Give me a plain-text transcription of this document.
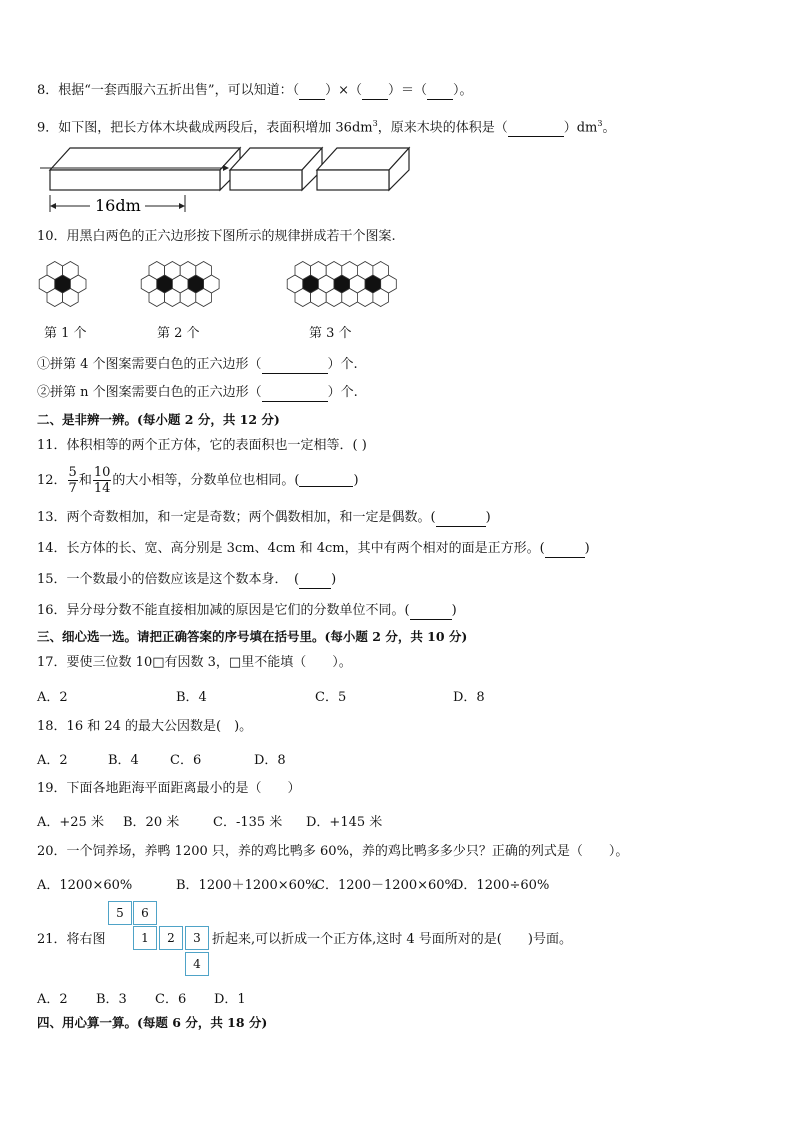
8．根据“一套西服六五折出售”，可以知道：（ ）×（ ）＝（ ）。
9．如下图，把长方体木块截成两段后，表面积增加 $36dm^3$，原来木块的体积是（	）$dm^3$。
16dm
10．用黑白两色的正六边形按下图所示的规律拼成若干个图案.
第 1 个	第 2 个	第 3 个
①拼第 4 个图案需要白色的正六边形（	）个.
②拼第 n 个图案需要白色的正六边形（	）个.
二、是非辨一辨。(每小题 2 分，共 12 分)
11．体积相等的两个正方体，它的表面积也一定相等．( )
12． $\frac{5}{7}$ 和 $\frac{10}{14}$ 的大小相等，分数单位也相同。(	)
13．两个奇数相加，和一定是奇数；两个偶数相加，和一定是偶数。(	)
14．长方体的长、宽、高分别是 3cm、4cm 和 4cm，其中有两个相对的面是正方形。(	)
15．一个数最小的倍数应该是这个数本身．　( )
16．异分母分数不能直接相加减的原因是它们的分数单位不同。(	)
三、细心选一选。请把正确答案的序号填在括号里。(每小题 2 分，共 10 分)
17．要使三位数 10□有因数 3，□里不能填（　　）。
A．2	B．4	C．5	D．8
18．16 和 24 的最大公因数是(　)。
A．2	B．4 C．6	D．8
19．下面各地距海平面距离最小的是（　　）
A．+25 米 B．20 米	C．-135 米 D．+145 米
20．一个饲养场，养鸭 1200 只，养的鸡比鸭多 60%，养的鸡比鸭多多少只？正确的列式是（　　）。
A．1200×60%	B．1200＋1200×60%
C．1200－1200×60%
D．1200÷60%
21．将右图
5	6
1	2	3
4
折起来,可以折成一个正方体,这时 4 号面所对的是(　　)号面。
A．2 B．3 C．6 D．1
四、用心算一算。(每题 6 分，共 18 分)
